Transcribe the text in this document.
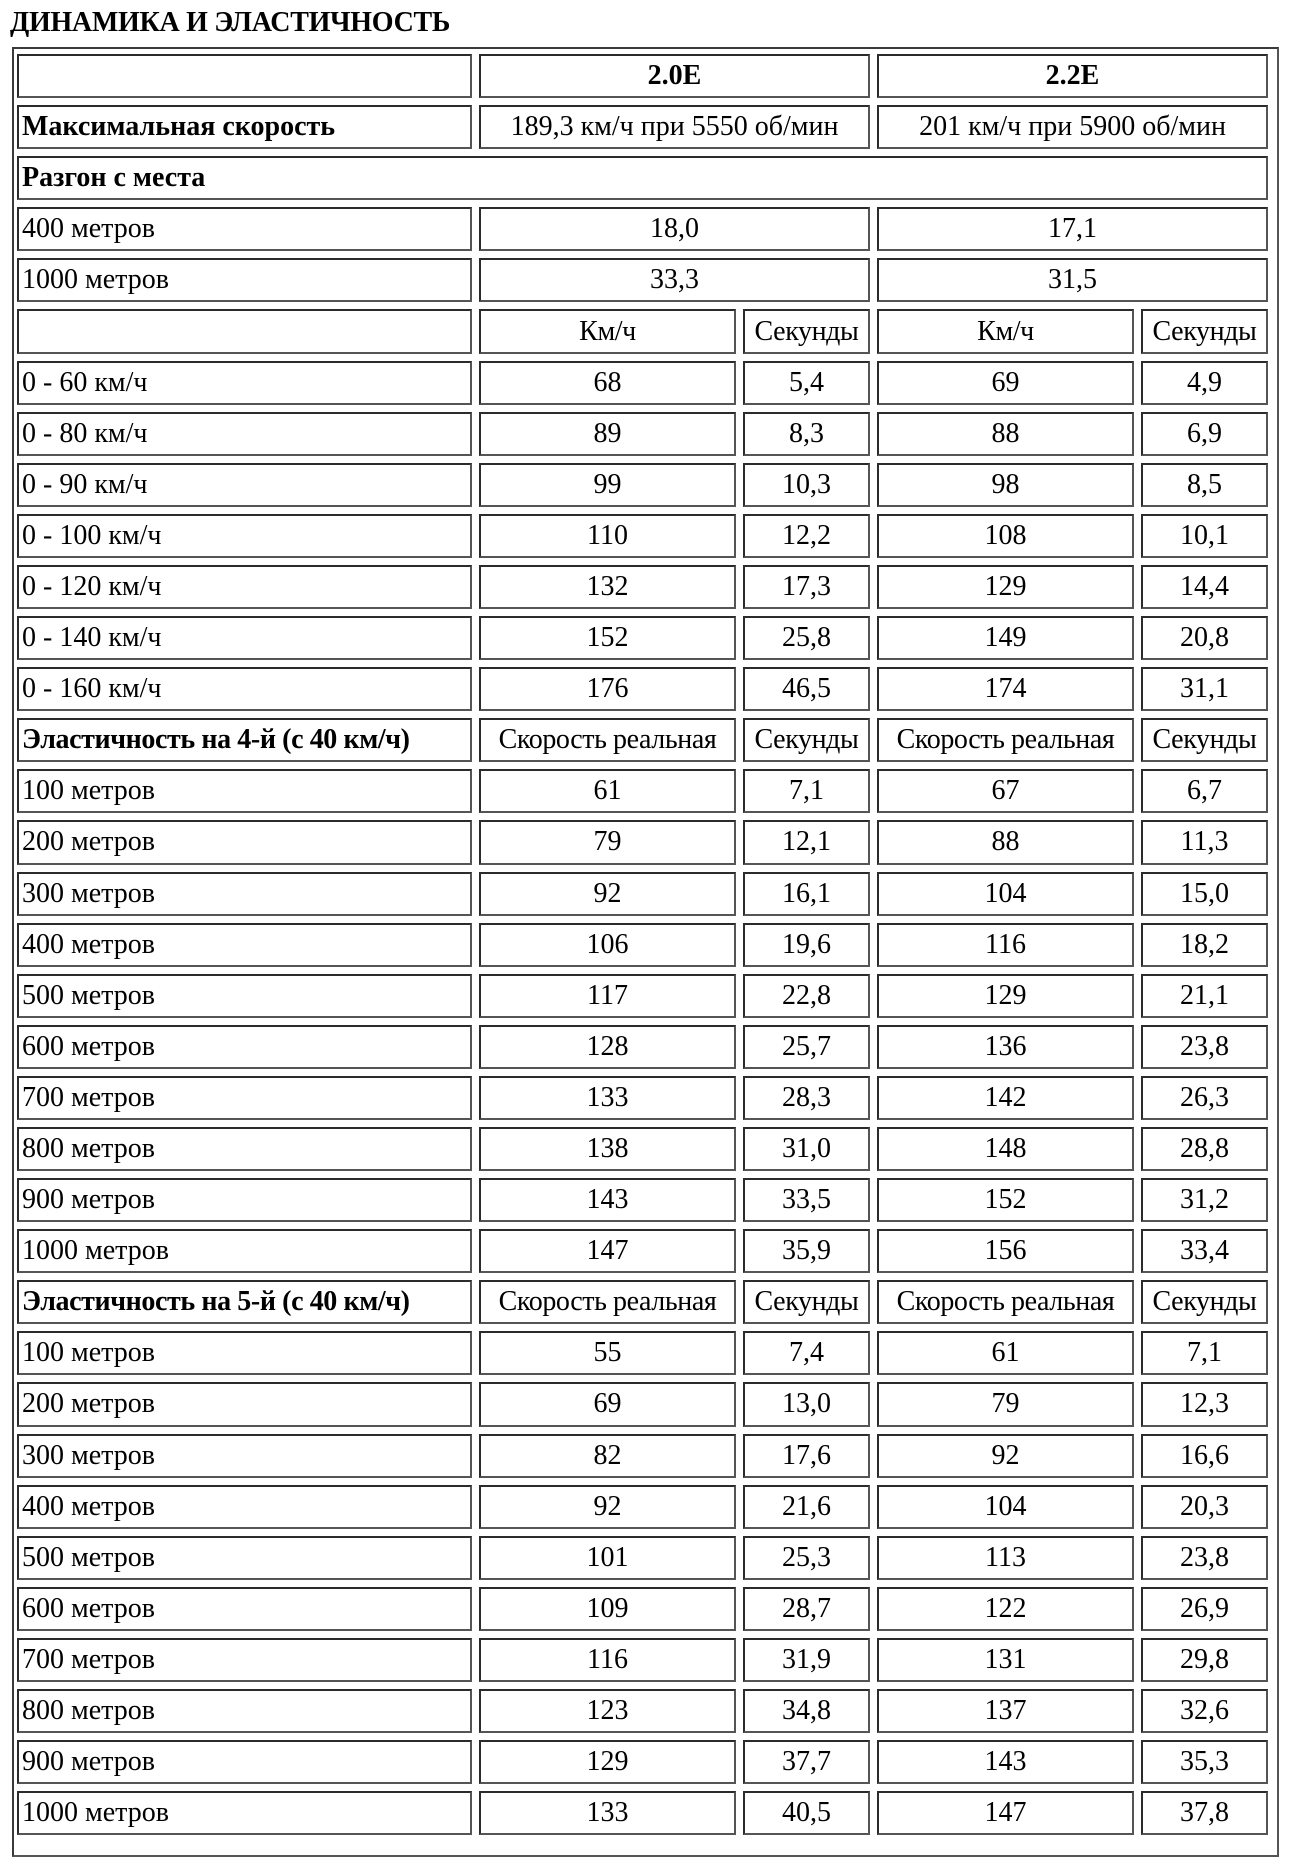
ДИНАМИКА И ЭЛАСТИЧНОСТЬ
	2.0E		2.2E	
Максимальная скорость	189,3 км/ч при 5550 об/мин		201 км/ч при 5900 об/мин	
Разгон с места				
400 метров	18,0		17,1	
1000 метров	33,3		31,5	
	Км/ч	Секунды	Км/ч	Секунды
0 - 60 км/ч	68	5,4	69	4,9
0 - 80 км/ч	89	8,3	88	6,9
0 - 90 км/ч	99	10,3	98	8,5
0 - 100 км/ч	110	12,2	108	10,1
0 - 120 км/ч	132	17,3	129	14,4
0 - 140 км/ч	152	25,8	149	20,8
0 - 160 км/ч	176	46,5	174	31,1
Эластичность на 4-й (с 40 км/ч)	Скорость реальная	Секунды	Скорость реальная	Секунды
100 метров	61	7,1	67	6,7
200 метров	79	12,1	88	11,3
300 метров	92	16,1	104	15,0
400 метров	106	19,6	116	18,2
500 метров	117	22,8	129	21,1
600 метров	128	25,7	136	23,8
700 метров	133	28,3	142	26,3
800 метров	138	31,0	148	28,8
900 метров	143	33,5	152	31,2
1000 метров	147	35,9	156	33,4
Эластичность на 5-й (с 40 км/ч)	Скорость реальная	Секунды	Скорость реальная	Секунды
100 метров	55	7,4	61	7,1
200 метров	69	13,0	79	12,3
300 метров	82	17,6	92	16,6
400 метров	92	21,6	104	20,3
500 метров	101	25,3	113	23,8
600 метров	109	28,7	122	26,9
700 метров	116	31,9	131	29,8
800 метров	123	34,8	137	32,6
900 метров	129	37,7	143	35,3
1000 метров	133	40,5	147	37,8
